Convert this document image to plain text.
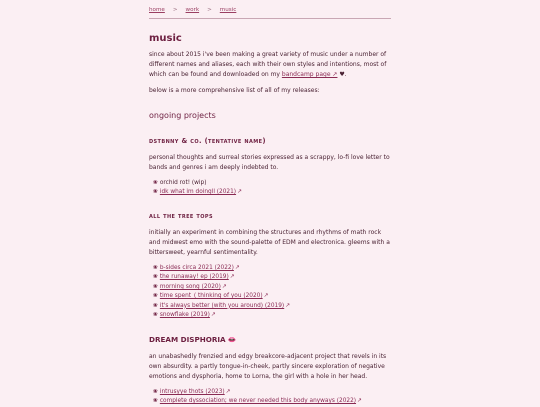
home > work > music
music
since about 2015 i've been making a great variety of music under a number of different names and aliases, each with their own styles and intentions, most of which can be found and downloaded on my bandcamp page ↗ ♥.
below is a more comprehensive list of all of my releases:
ongoing projects
dstbnny & co. (tentative name)
personal thoughts and surreal stories expressed as a scrappy, lo-fi love letter to bands and genres i am deeply indebted to.
❀ orchid rot! (wip)
❀ idk what im doingll (2021)↗
all the tree tops
initially an experiment in combining the structures and rhythms of math rock and midwest emo with the sound-palette of EDM and electronica. gleems with a bittersweet, yearnful sentimentality.
❀ b-sides circa 2021 (2022)↗
❀ the runaway! ep (2019)↗
❀ morning song (2020)↗
❀ time spent_( thinking of you (2020)↗
❀ it's always better (with you around) (2019)↗
❀ snowflake (2019)↗
DREAM DISPHORIA 👄
an unabashedly frenzied and edgy breakcore-adjacent project that revels in its own absurdity. a partly tongue-in-cheek, partly sincere exploration of negative emotions and dysphoria, home to Lorna, the girl with a hole in her head.
❀ intrusyye thots (2023)↗
❀ complete dyssociation; we never needed this body anyways (2022)↗
